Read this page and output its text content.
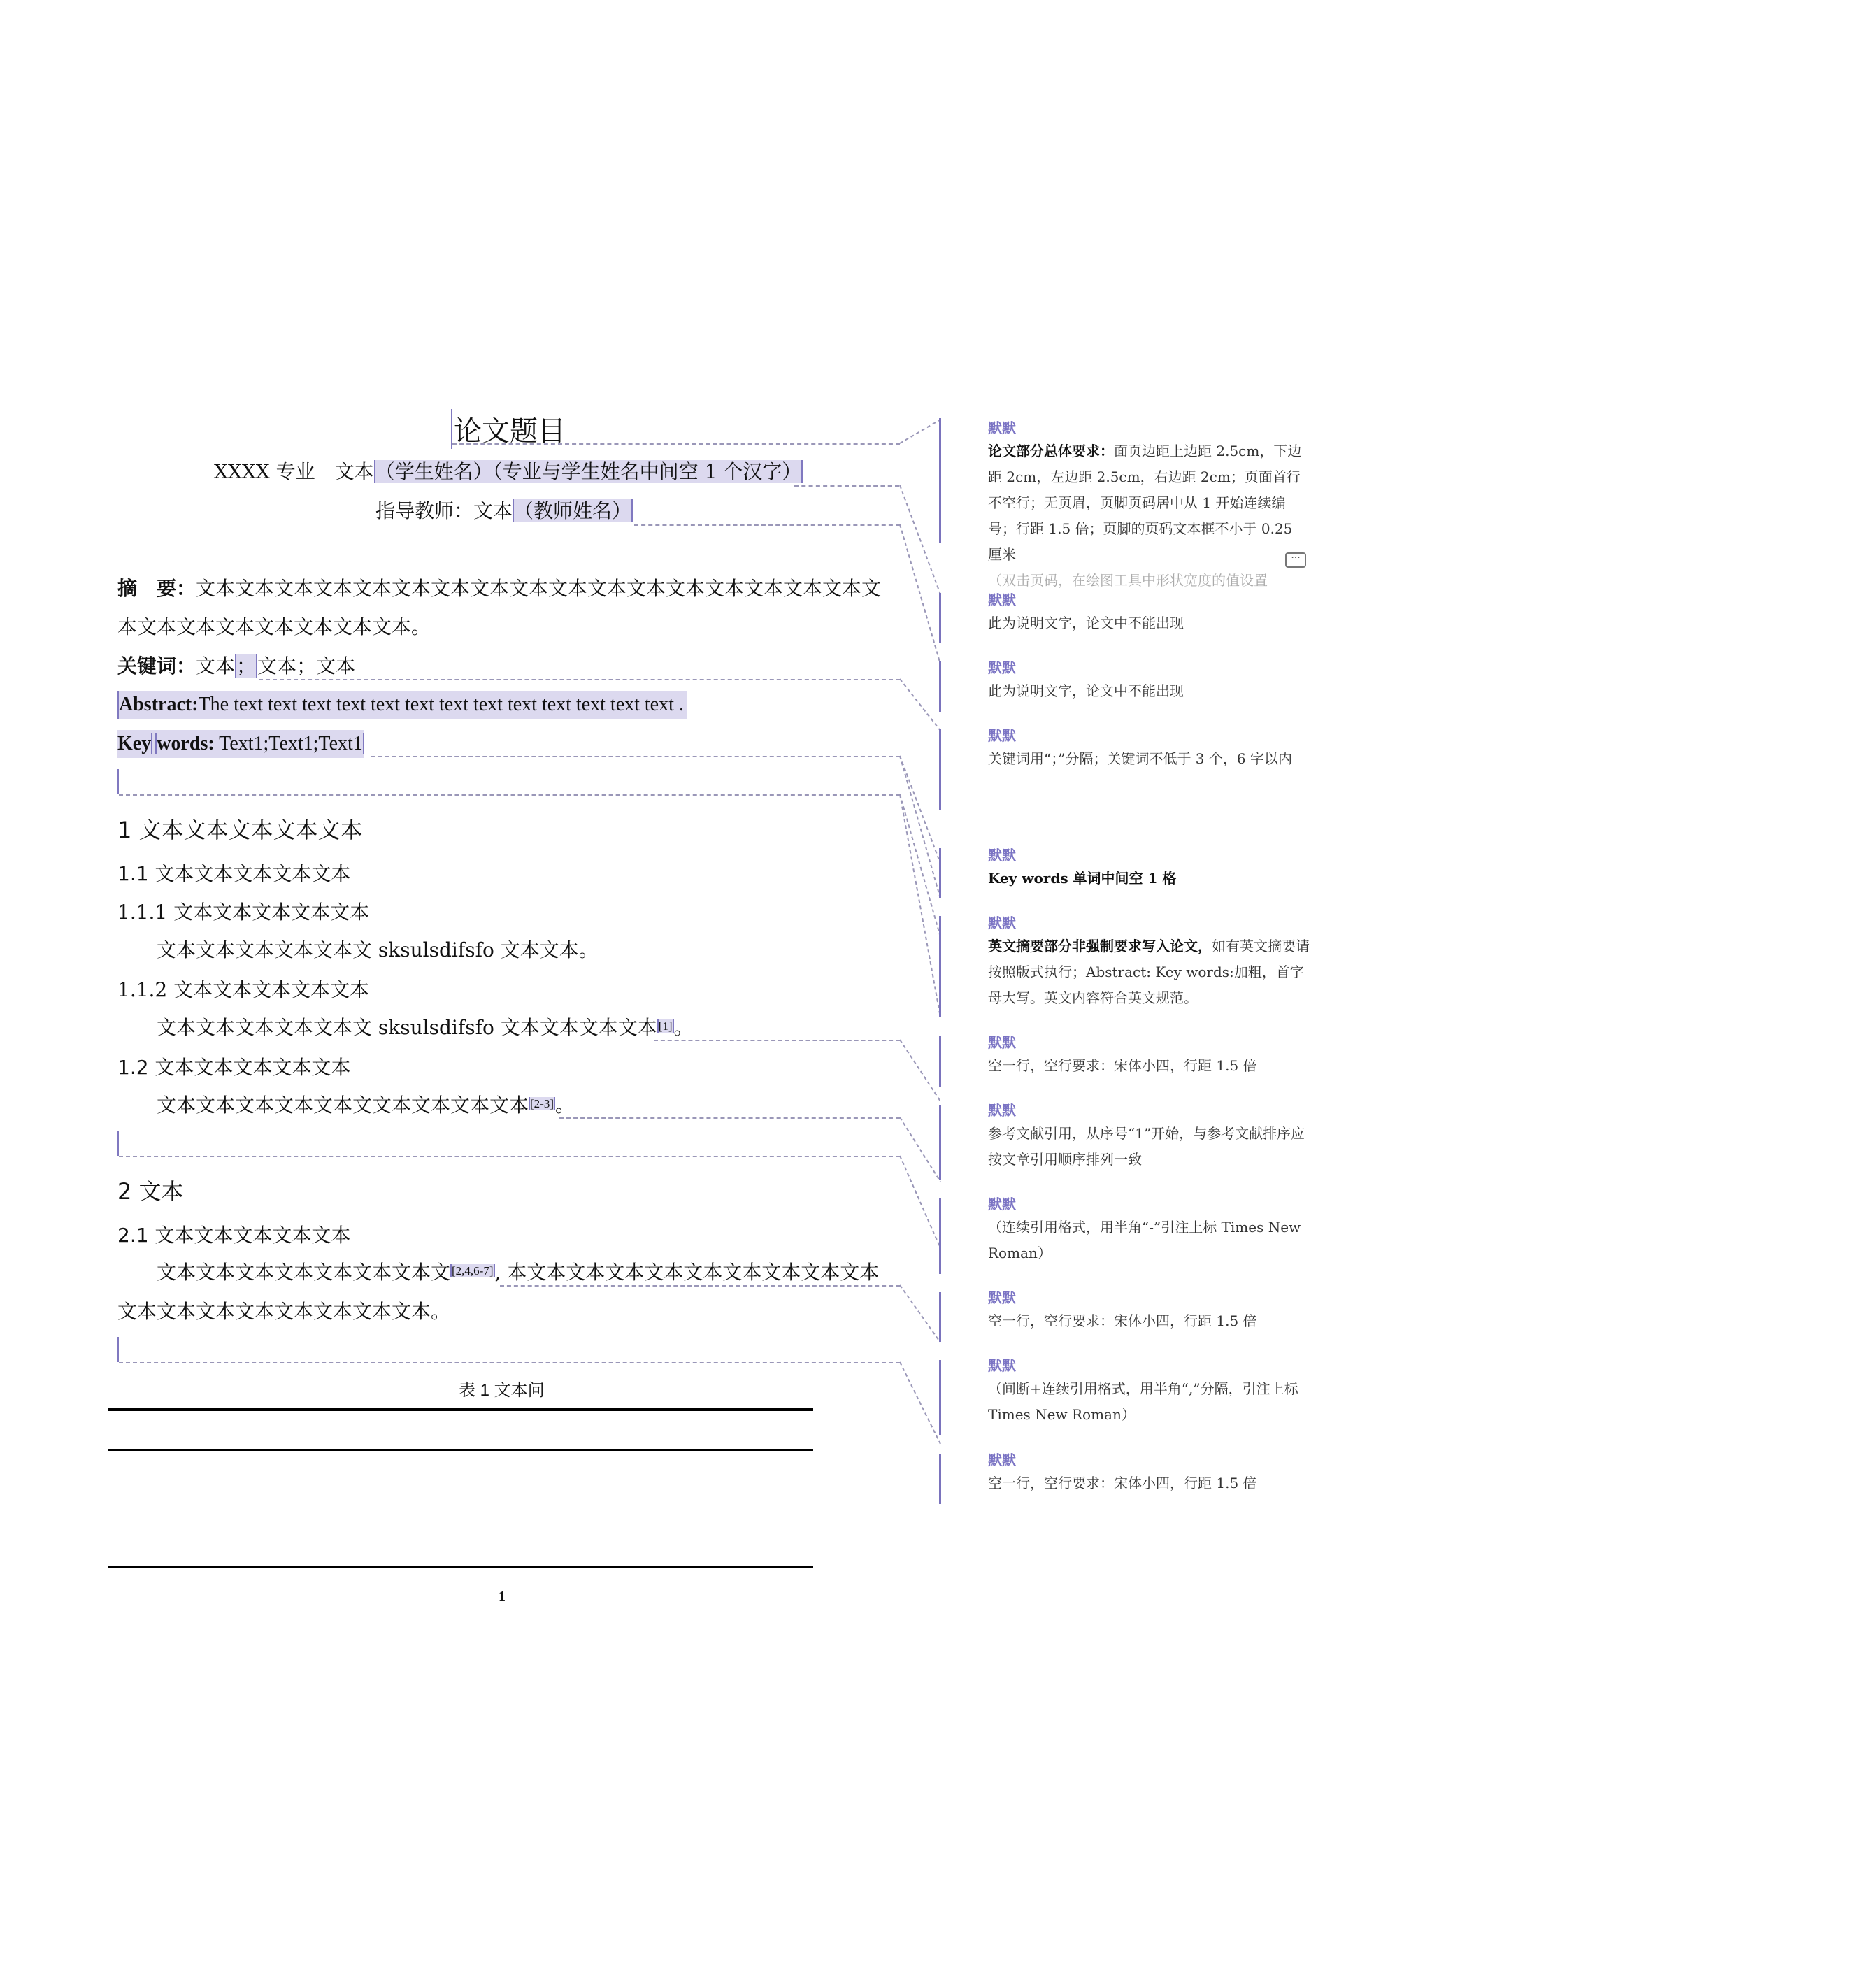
论文题目
XXXX 专业　 文本（学生姓名）（专业与学生姓名中间空 1 个汉字）
指导教师：文本（教师姓名）
摘　要：文本文本文本文本文本文本文本文本文本文本文本文本文本文本文本文本文本文
本文本文本文本文本文本文本文本。
关键词：文本；文本；文本
Abstract:The text text text text text text text text text text text text text .
Key words: Text1;Text1;Text1
1 文本文本文本文本文本
1.1 文本文本文本文本文本
1.1.1 文本文本文本文本文本
文本文本文本文本文本文 sksulsdifsfo 文本文本。
1.1.2 文本文本文本文本文本
文本文本文本文本文本文 sksulsdifsfo 文本文本文本文本 [1]。
1.2 文本文本文本文本文本
文本文本文本文本文本文文本文本文本文本 [2-3]。
2 文本
2.1 文本文本文本文本文本
文本文本文本文本文本文本文本文 [2,4,6-7], 本文本文本文本文本文本文本文本文本文本
文本文本文本文本文本文本文本文本。
表 1 文本问
1
默默
论文部分总体要求：面页边距上边距 2.5cm，下边距 2cm，左边距 2.5cm，右边距 2cm；页面首行不空行；无页眉，页脚页码居中从 1 开始连续编号；行距 1.5 倍；页脚的页码文本框不小于 0.25 厘米
（双击页码，在绘图工具中形状宽度的值设置
···
默默
此为说明文字，论文中不能出现
默默
此为说明文字，论文中不能出现
默默
关键词用“；”分隔；关键词不低于 3 个，6 字以内
默默
Key words 单词中间空 1 格
默默
英文摘要部分非强制要求写入论文，如有英文摘要请按照版式执行；Abstract: Key words:加粗，首字母大写。英文内容符合英文规范。
默默
空一行，空行要求：宋体小四，行距 1.5 倍
默默
参考文献引用，从序号“1”开始，与参考文献排序应按文章引用顺序排列一致
默默
（连续引用格式，用半角“-”引注上标 Times New Roman）
默默
空一行，空行要求：宋体小四，行距 1.5 倍
默默
（间断+连续引用格式，用半角“,”分隔，引注上标 Times New Roman）
默默
空一行，空行要求：宋体小四，行距 1.5 倍
